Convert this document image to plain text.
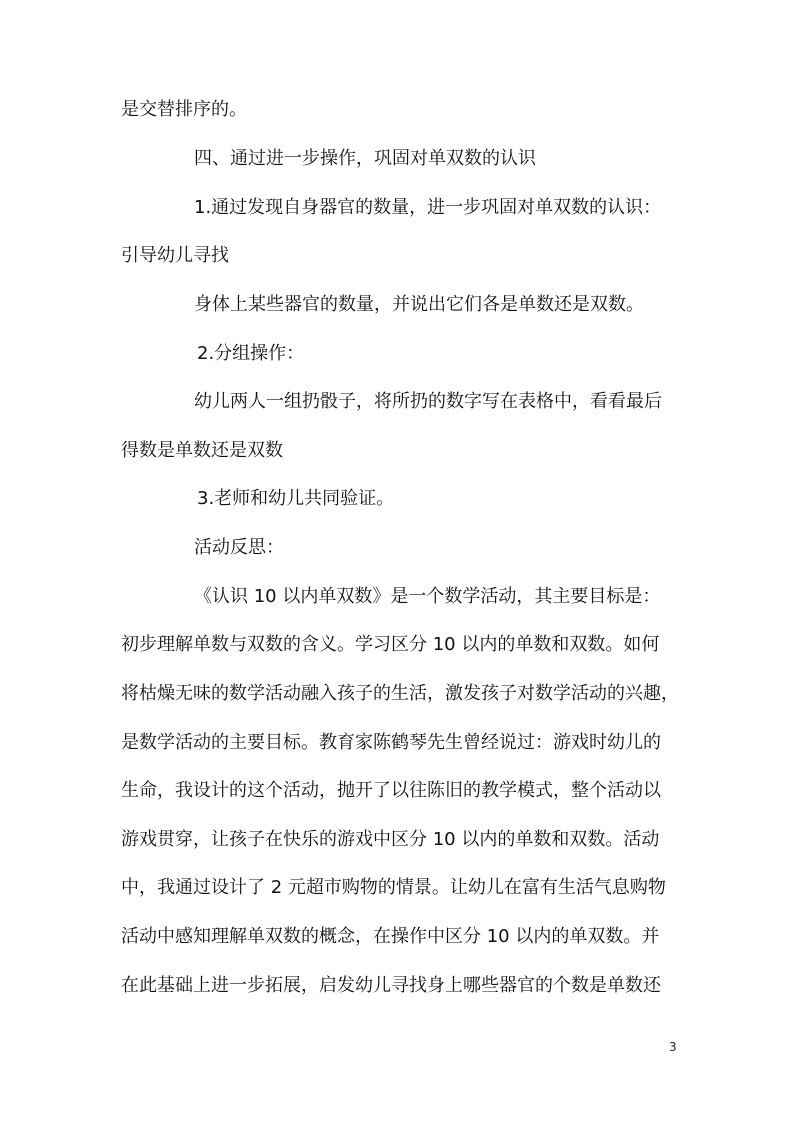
是交替排序的。
四、通过进一步操作，巩固对单双数的认识
1.通过发现自身器官的数量，进一步巩固对单双数的认识：
引导幼儿寻找
身体上某些器官的数量，并说出它们各是单数还是双数。
2.分组操作：
幼儿两人一组扔骰子，将所扔的数字写在表格中，看看最后
得数是单数还是双数
3.老师和幼儿共同验证。
活动反思：
《认识 10 以内单双数》是一个数学活动，其主要目标是：
初步理解单数与双数的含义。学习区分 10 以内的单数和双数。如何
将枯燥无味的数学活动融入孩子的生活，激发孩子对数学活动的兴趣，
是数学活动的主要目标。教育家陈鹤琴先生曾经说过：游戏时幼儿的
生命，我设计的这个活动，抛开了以往陈旧的教学模式，整个活动以
游戏贯穿，让孩子在快乐的游戏中区分 10 以内的单数和双数。活动
中，我通过设计了 2 元超市购物的情景。让幼儿在富有生活气息购物
活动中感知理解单双数的概念，在操作中区分 10 以内的单双数。并
在此基础上进一步拓展，启发幼儿寻找身上哪些器官的个数是单数还
3
